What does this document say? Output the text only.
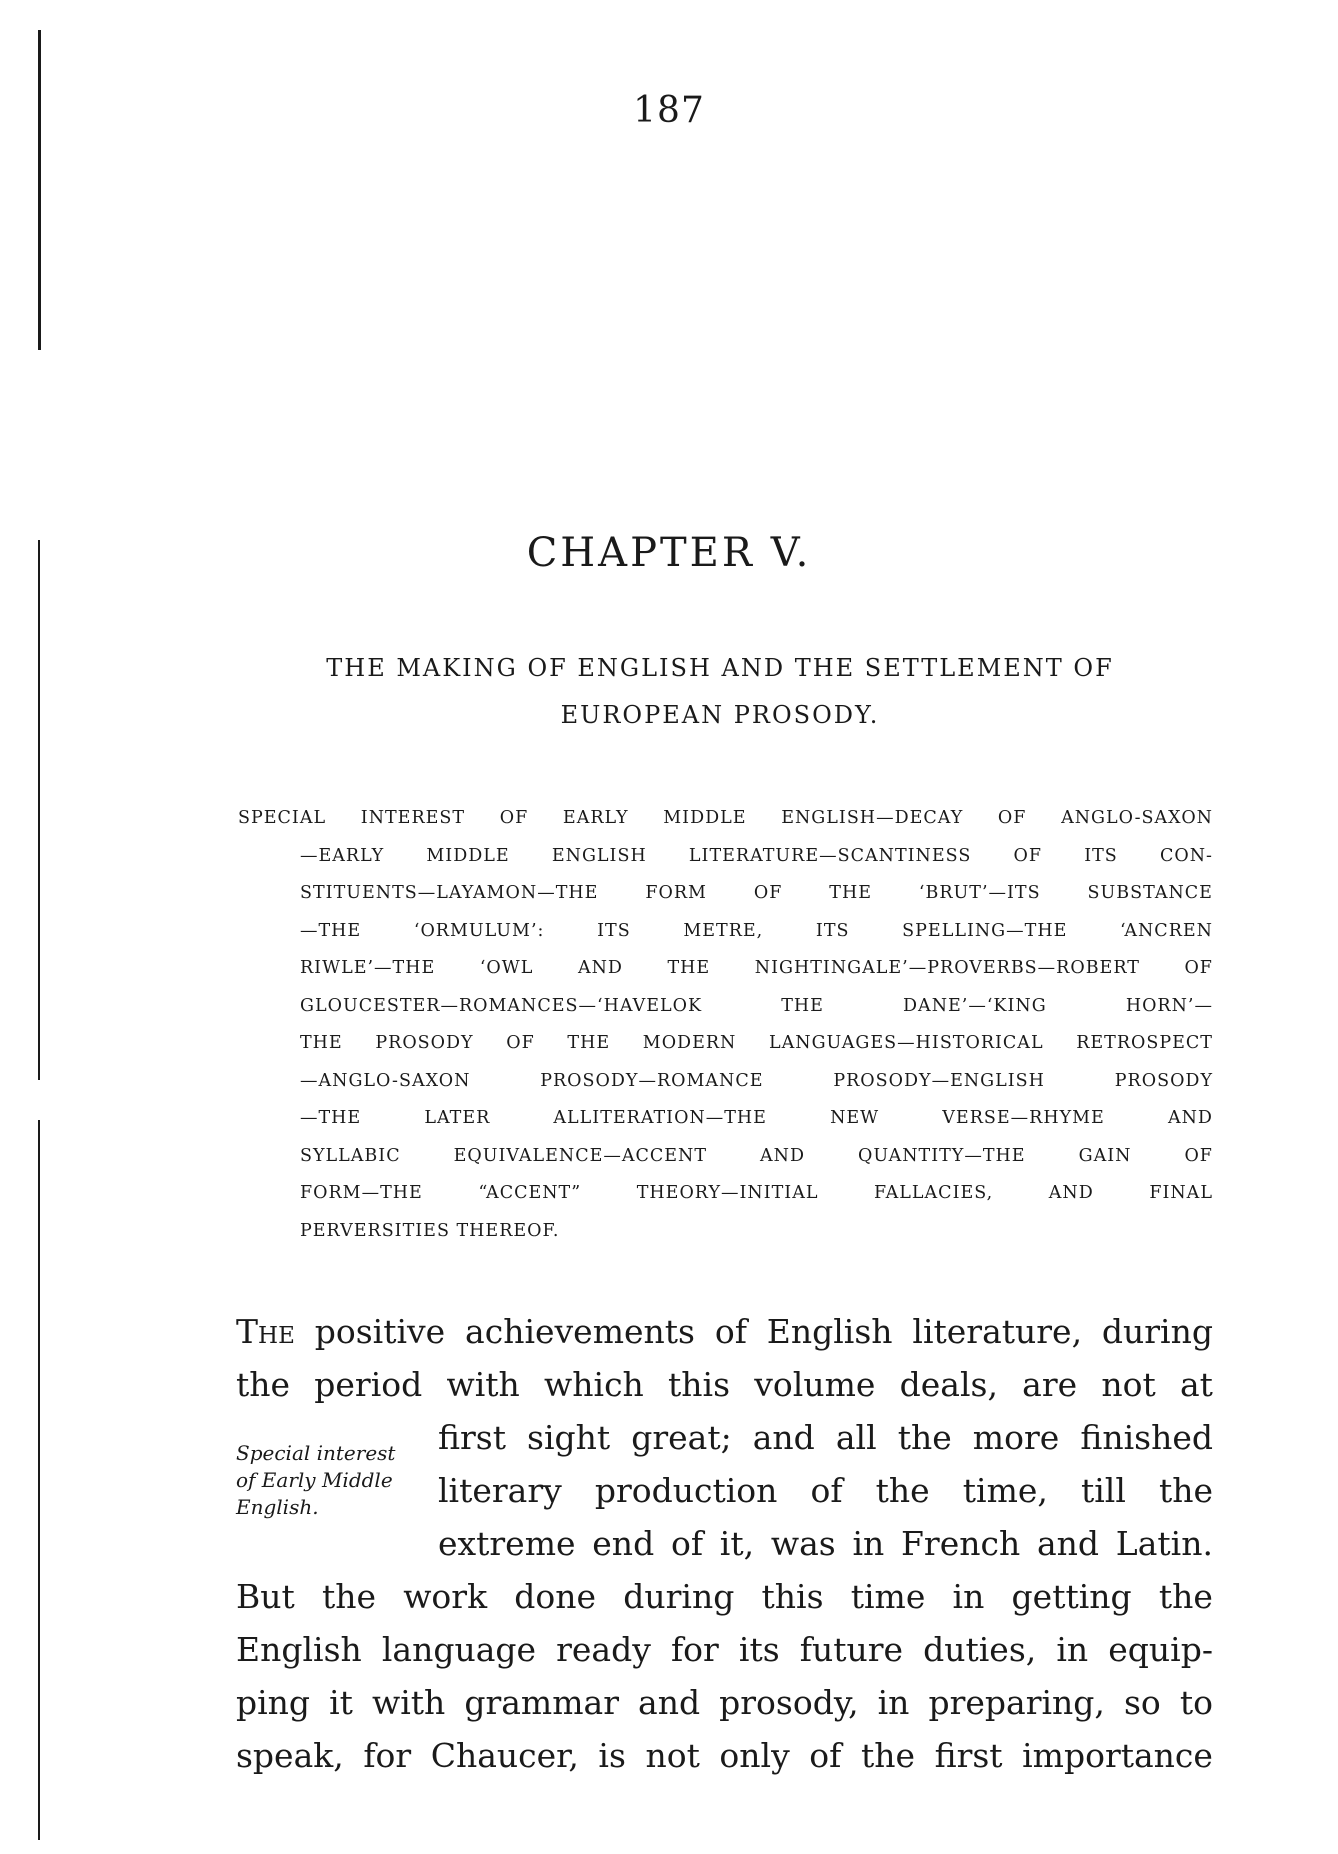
187
CHAPTER V.
THE MAKING OF ENGLISH AND THE SETTLEMENT OF
EUROPEAN PROSODY.
SPECIAL INTEREST OF EARLY MIDDLE ENGLISH—DECAY OF ANGLO-SAXON
—EARLY MIDDLE ENGLISH LITERATURE—SCANTINESS OF ITS CON-
STITUENTS—LAYAMON—THE	FORM	OF	THE	‘BRUT’—ITS	SUBSTANCE
—THE	‘ORMULUM’:	ITS	METRE,	ITS	SPELLING—THE	‘ANCREN
RIWLE’—THE	‘OWL	AND	THE	NIGHTINGALE’—PROVERBS—ROBERT	OF
GLOUCESTER—ROMANCES—‘HAVELOK	THE	DANE’—‘KING	HORN’—
THE PROSODY OF THE MODERN LANGUAGES—HISTORICAL RETROSPECT
—ANGLO-SAXON	PROSODY—ROMANCE	PROSODY—ENGLISH	PROSODY
—THE	LATER	ALLITERATION—THE	NEW	VERSE—RHYME	AND
SYLLABIC	EQUIVALENCE—ACCENT	AND	QUANTITY—THE	GAIN	OF
FORM—THE	“ACCENT”	THEORY—INITIAL	FALLACIES,	AND	FINAL
PERVERSITIES THEREOF.
Special interest
of Early Middle
English.
The positive achievements of English literature, during
the period with which this volume deals, are not at
first sight great; and all the more finished
literary production of the time, till the
extreme end of it, was in French and Latin.
But the work done during this time in getting the
English language ready for its future duties, in equip-
ping it with grammar and prosody, in preparing, so to
speak, for Chaucer, is not only of the first importance
